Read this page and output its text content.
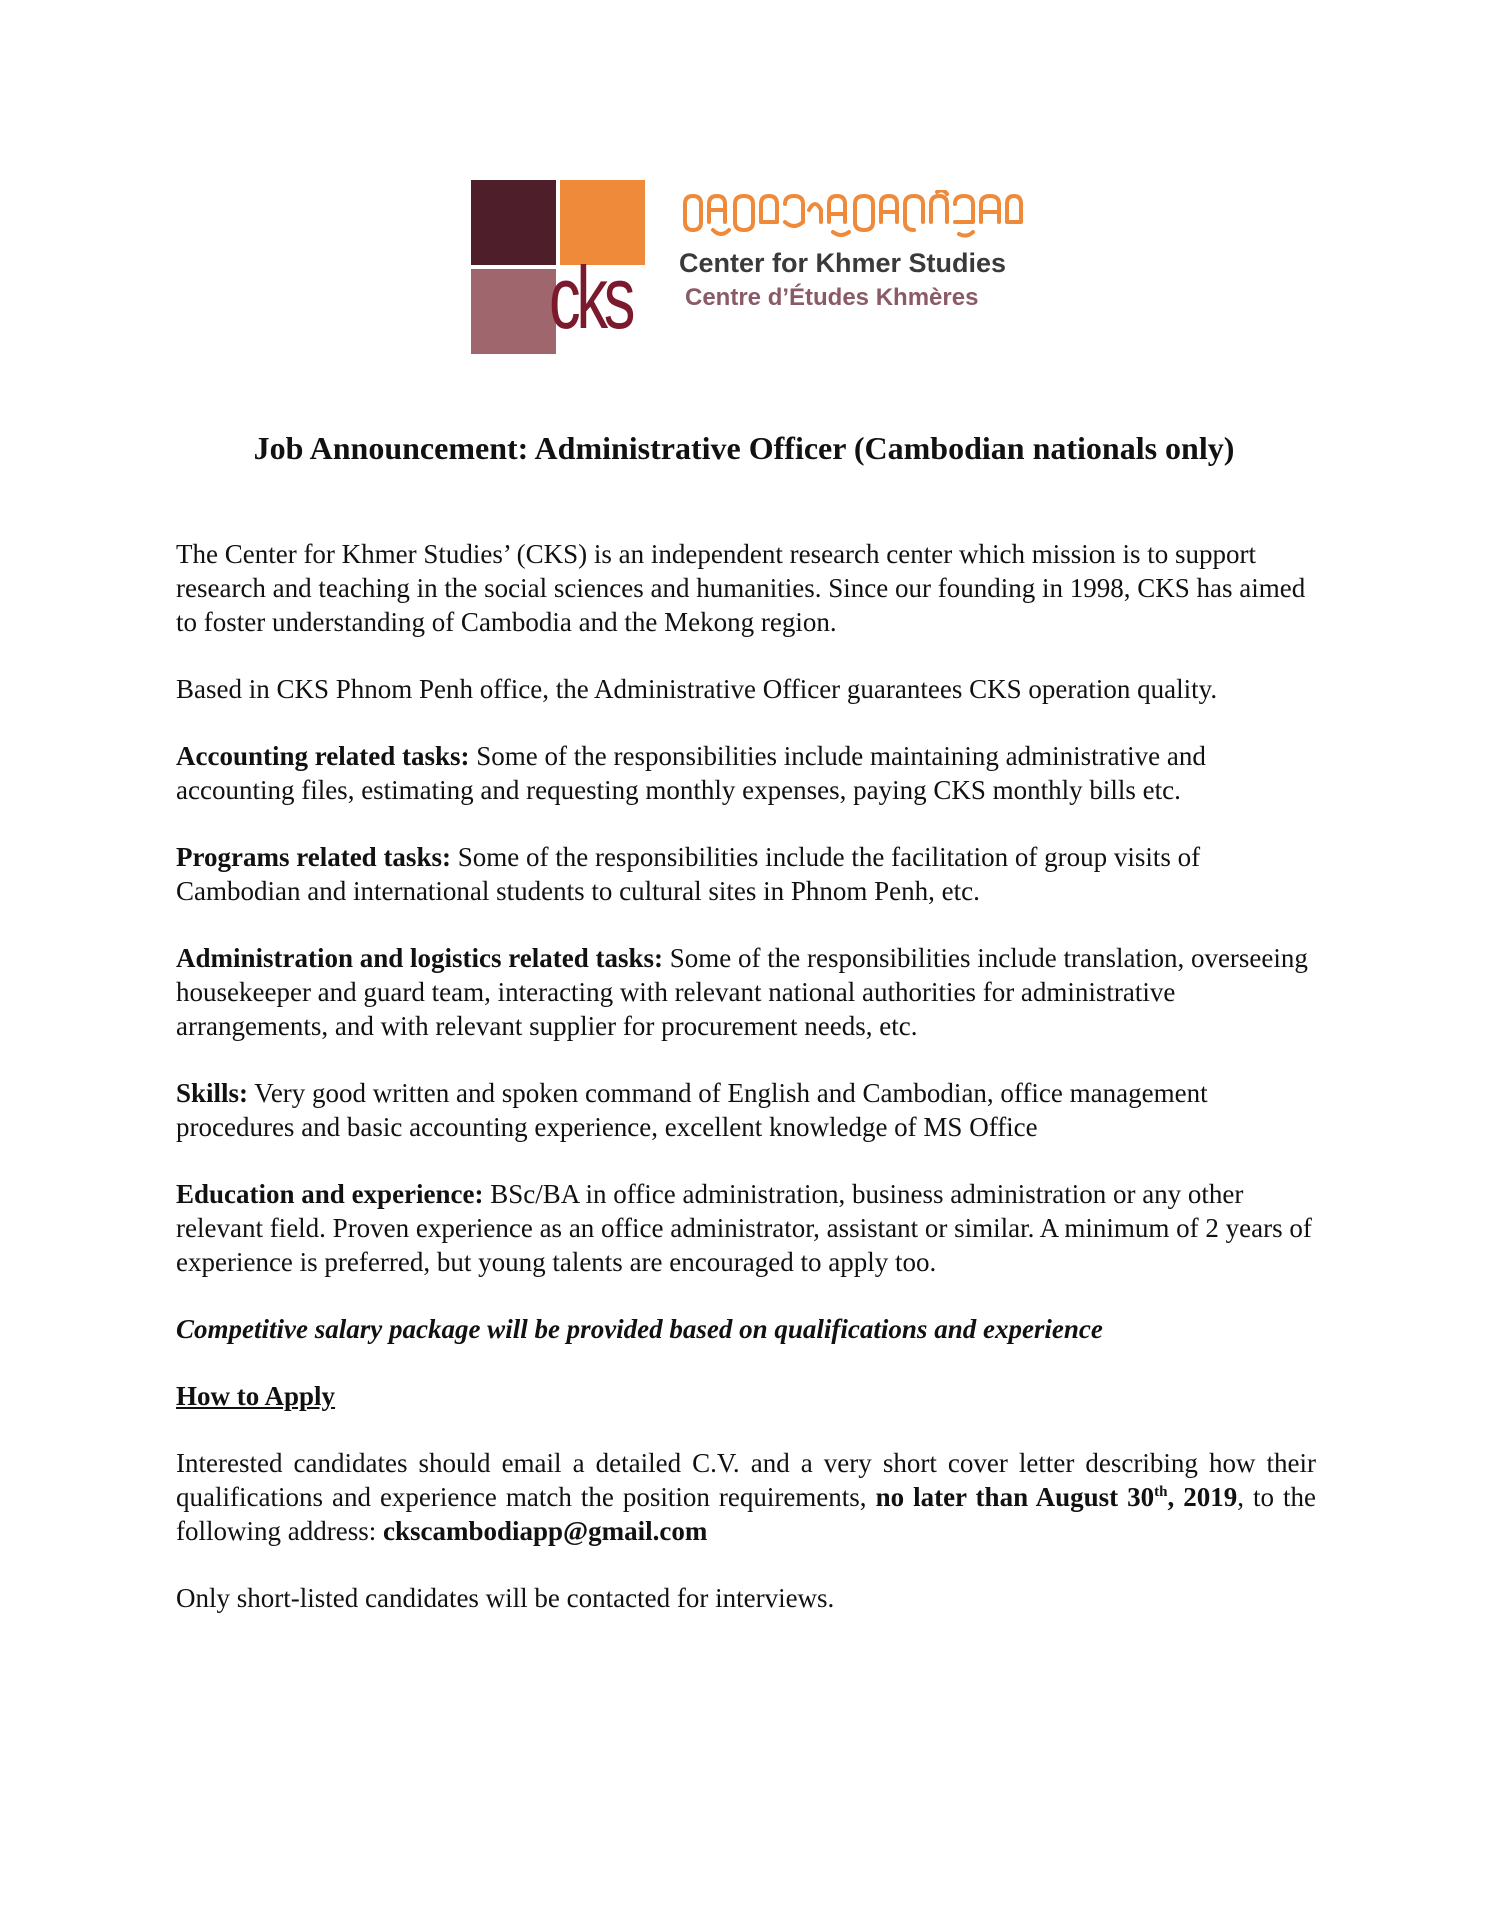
cks Center for Khmer Studies
Centre d’Études Khmères
Job Announcement: Administrative Officer (Cambodian nationals only)

The Center for Khmer Studies’ (CKS) is an independent research center which mission is to support research and teaching in the social sciences and humanities. Since our founding in 1998, CKS has aimed to foster understanding of Cambodia and the Mekong region.

Based in CKS Phnom Penh office, the Administrative Officer guarantees CKS operation quality.

Accounting related tasks: Some of the responsibilities include maintaining administrative and accounting files, estimating and requesting monthly expenses, paying CKS monthly bills etc.

Programs related tasks: Some of the responsibilities include the facilitation of group visits of Cambodian and international students to cultural sites in Phnom Penh, etc.

Administration and logistics related tasks: Some of the responsibilities include translation, overseeing housekeeper and guard team, interacting with relevant national authorities for administrative arrangements, and with relevant supplier for procurement needs, etc.

Skills: Very good written and spoken command of English and Cambodian, office management procedures and basic accounting experience, excellent knowledge of MS Office

Education and experience: BSc/BA in office administration, business administration or any other relevant field. Proven experience as an office administrator, assistant or similar. A minimum of 2 years of experience is preferred, but young talents are encouraged to apply too.

Competitive salary package will be provided based on qualifications and experience

How to Apply

Interested candidates should email a detailed C.V. and a very short cover letter describing how their qualifications and experience match the position requirements, no later than August 30th, 2019, to the following address: ckscambodiapp@gmail.com

Only short-listed candidates will be contacted for interviews.
